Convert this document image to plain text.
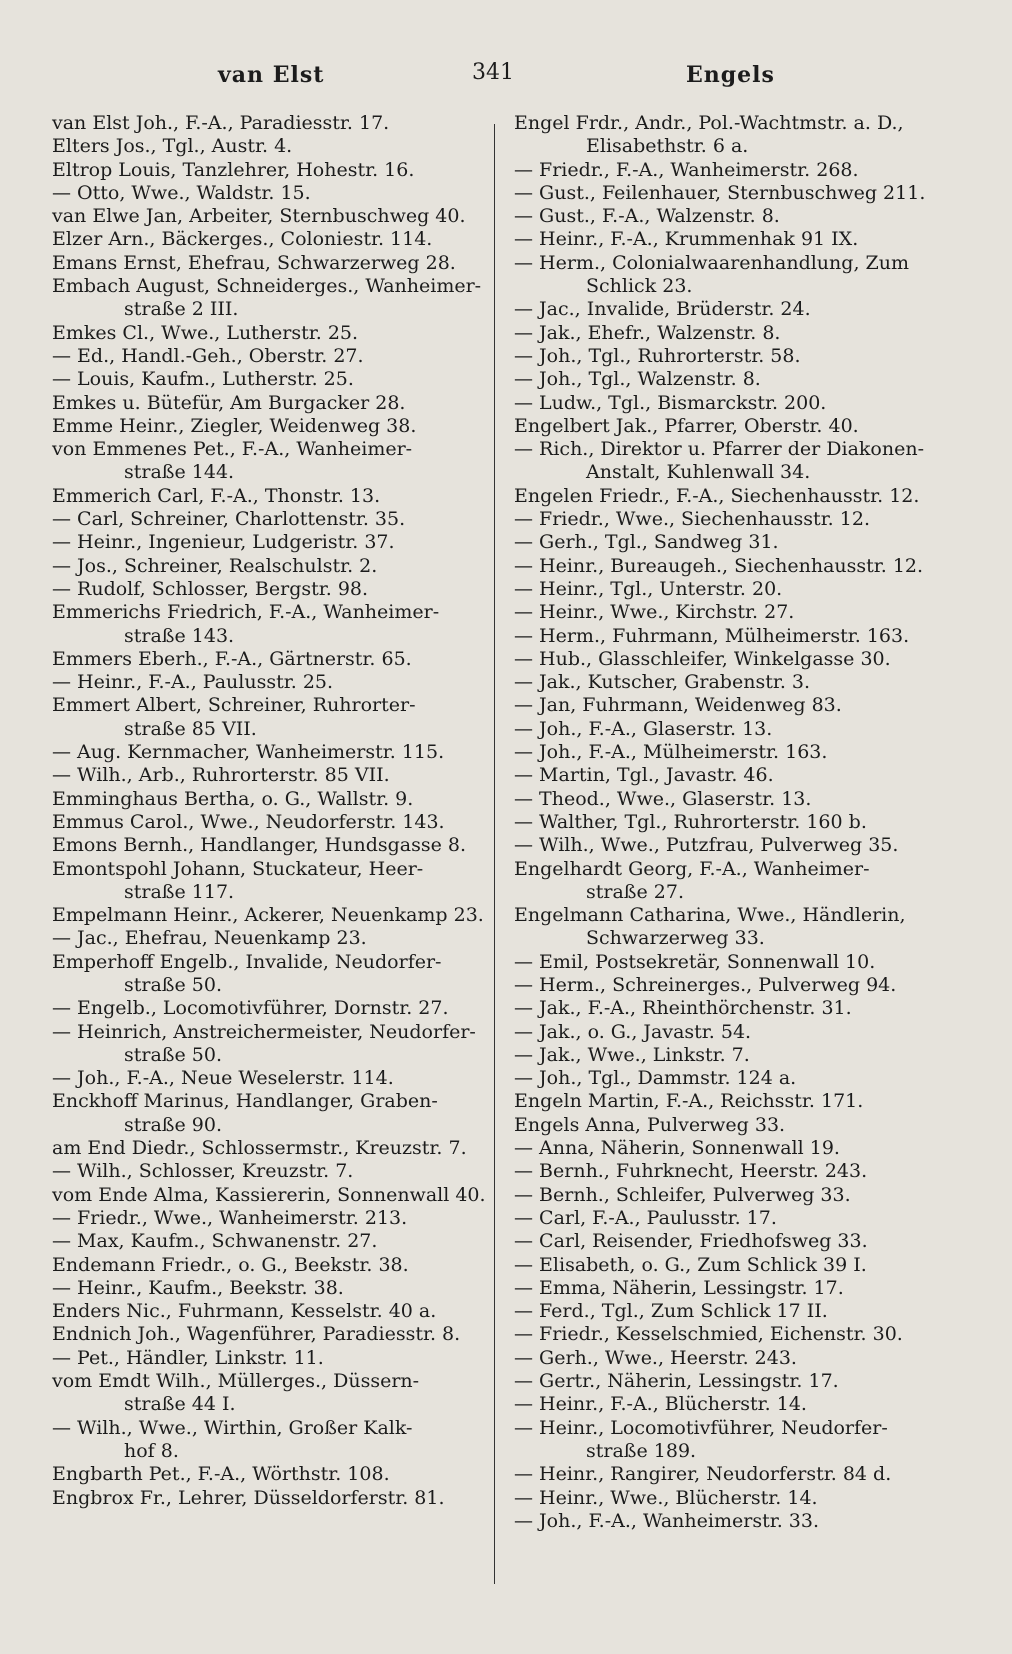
van Elst	341	Engels
van Elst Joh., F.-A., Paradiesstr. 17.
Elters Jos., Tgl., Austr. 4.
Eltrop Louis, Tanzlehrer, Hohestr. 16.
— Otto, Wwe., Waldstr. 15.
van Elwe Jan, Arbeiter, Sternbuschweg 40.
Elzer Arn., Bäckerges., Coloniestr. 114.
Emans Ernst, Ehefrau, Schwarzerweg 28.
Embach August, Schneiderges., Wanheimer-
straße 2 III.
Emkes Cl., Wwe., Lutherstr. 25.
— Ed., Handl.-Geh., Oberstr. 27.
— Louis, Kaufm., Lutherstr. 25.
Emkes u. Bütefür, Am Burgacker 28.
Emme Heinr., Ziegler, Weidenweg 38.
von Emmenes Pet., F.-A., Wanheimer-
straße 144.
Emmerich Carl, F.-A., Thonstr. 13.
— Carl, Schreiner, Charlottenstr. 35.
— Heinr., Ingenieur, Ludgeristr. 37.
— Jos., Schreiner, Realschulstr. 2.
— Rudolf, Schlosser, Bergstr. 98.
Emmerichs Friedrich, F.-A., Wanheimer-
straße 143.
Emmers Eberh., F.-A., Gärtnerstr. 65.
— Heinr., F.-A., Paulusstr. 25.
Emmert Albert, Schreiner, Ruhrorter-
straße 85 VII.
— Aug. Kernmacher, Wanheimerstr. 115.
— Wilh., Arb., Ruhrorterstr. 85 VII.
Emminghaus Bertha, o. G., Wallstr. 9.
Emmus Carol., Wwe., Neudorferstr. 143.
Emons Bernh., Handlanger, Hundsgasse 8.
Emontspohl Johann, Stuckateur, Heer-
straße 117.
Empelmann Heinr., Ackerer, Neuenkamp 23.
— Jac., Ehefrau, Neuenkamp 23.
Emperhoff Engelb., Invalide, Neudorfer-
straße 50.
— Engelb., Locomotivführer, Dornstr. 27.
— Heinrich, Anstreichermeister, Neudorfer-
straße 50.
— Joh., F.-A., Neue Weselerstr. 114.
Enckhoff Marinus, Handlanger, Graben-
straße 90.
am End Diedr., Schlossermstr., Kreuzstr. 7.
— Wilh., Schlosser, Kreuzstr. 7.
vom Ende Alma, Kassiererin, Sonnenwall 40.
— Friedr., Wwe., Wanheimerstr. 213.
— Max, Kaufm., Schwanenstr. 27.
Endemann Friedr., o. G., Beekstr. 38.
— Heinr., Kaufm., Beekstr. 38.
Enders Nic., Fuhrmann, Kesselstr. 40 a.
Endnich Joh., Wagenführer, Paradiesstr. 8.
— Pet., Händler, Linkstr. 11.
vom Emdt Wilh., Müllerges., Düssern-
straße 44 I.
— Wilh., Wwe., Wirthin, Großer Kalk-
hof 8.
Engbarth Pet., F.-A., Wörthstr. 108.
Engbrox Fr., Lehrer, Düsseldorferstr. 81.
Engel Frdr., Andr., Pol.-Wachtmstr. a. D.,
Elisabethstr. 6 a.
— Friedr., F.-A., Wanheimerstr. 268.
— Gust., Feilenhauer, Sternbuschweg 211.
— Gust., F.-A., Walzenstr. 8.
— Heinr., F.-A., Krummenhak 91 IX.
— Herm., Colonialwaarenhandlung, Zum
Schlick 23.
— Jac., Invalide, Brüderstr. 24.
— Jak., Ehefr., Walzenstr. 8.
— Joh., Tgl., Ruhrorterstr. 58.
— Joh., Tgl., Walzenstr. 8.
— Ludw., Tgl., Bismarckstr. 200.
Engelbert Jak., Pfarrer, Oberstr. 40.
— Rich., Direktor u. Pfarrer der Diakonen-
Anstalt, Kuhlenwall 34.
Engelen Friedr., F.-A., Siechenhausstr. 12.
— Friedr., Wwe., Siechenhausstr. 12.
— Gerh., Tgl., Sandweg 31.
— Heinr., Bureaugeh., Siechenhausstr. 12.
— Heinr., Tgl., Unterstr. 20.
— Heinr., Wwe., Kirchstr. 27.
— Herm., Fuhrmann, Mülheimerstr. 163.
— Hub., Glasschleifer, Winkelgasse 30.
— Jak., Kutscher, Grabenstr. 3.
— Jan, Fuhrmann, Weidenweg 83.
— Joh., F.-A., Glaserstr. 13.
— Joh., F.-A., Mülheimerstr. 163.
— Martin, Tgl., Javastr. 46.
— Theod., Wwe., Glaserstr. 13.
— Walther, Tgl., Ruhrorterstr. 160 b.
— Wilh., Wwe., Putzfrau, Pulverweg 35.
Engelhardt Georg, F.-A., Wanheimer-
straße 27.
Engelmann Catharina, Wwe., Händlerin,
Schwarzerweg 33.
— Emil, Postsekretär, Sonnenwall 10.
— Herm., Schreinerges., Pulverweg 94.
— Jak., F.-A., Rheinthörchenstr. 31.
— Jak., o. G., Javastr. 54.
— Jak., Wwe., Linkstr. 7.
— Joh., Tgl., Dammstr. 124 a.
Engeln Martin, F.-A., Reichsstr. 171.
Engels Anna, Pulverweg 33.
— Anna, Näherin, Sonnenwall 19.
— Bernh., Fuhrknecht, Heerstr. 243.
— Bernh., Schleifer, Pulverweg 33.
— Carl, F.-A., Paulusstr. 17.
— Carl, Reisender, Friedhofsweg 33.
— Elisabeth, o. G., Zum Schlick 39 I.
— Emma, Näherin, Lessingstr. 17.
— Ferd., Tgl., Zum Schlick 17 II.
— Friedr., Kesselschmied, Eichenstr. 30.
— Gerh., Wwe., Heerstr. 243.
— Gertr., Näherin, Lessingstr. 17.
— Heinr., F.-A., Blücherstr. 14.
— Heinr., Locomotivführer, Neudorfer-
straße 189.
— Heinr., Rangirer, Neudorferstr. 84 d.
— Heinr., Wwe., Blücherstr. 14.
— Joh., F.-A., Wanheimerstr. 33.
